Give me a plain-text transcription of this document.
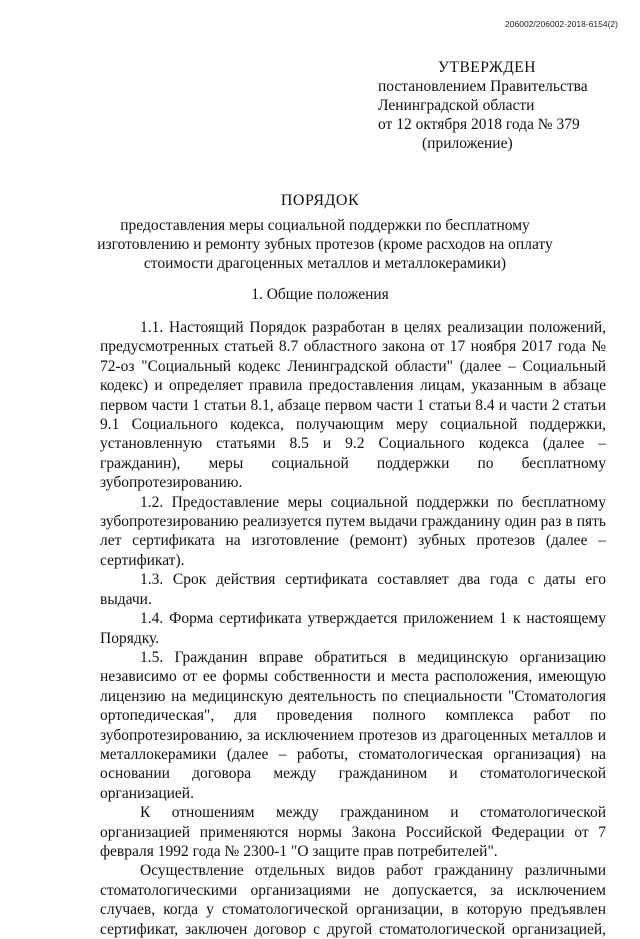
206002/206002-2018-6154(2)
УТВЕРЖДЕН
постановлением Правительства
Ленинградской области
от 12 октября 2018 года № 379
(приложение)
ПОРЯДОК
предоставления меры социальной поддержки по бесплатному изготовлению и ремонту зубных протезов (кроме расходов на оплату стоимости драгоценных металлов и металлокерамики)
1. Общие положения

1.1. Настоящий Порядок разработан в целях реализации положений, предусмотренных статьей 8.7 областного закона от 17 ноября 2017 года № 72-оз "Социальный кодекс Ленинградской области" (далее – Социальный кодекс) и определяет правила предоставления лицам, указанным в абзаце первом части 1 статьи 8.1, абзаце первом части 1 статьи 8.4 и части 2 статьи 9.1 Социального кодекса, получающим меру социальной поддержки, установленную статьями 8.5 и 9.2 Социального кодекса (далее – гражданин), меры социальной поддержки по бесплатному зубопротезированию.

1.2. Предоставление меры социальной поддержки по бесплатному зубопротезированию реализуется путем выдачи гражданину один раз в пять лет сертификата на изготовление (ремонт) зубных протезов (далее – сертификат).

1.3. Срок действия сертификата составляет два года с даты его выдачи.

1.4. Форма сертификата утверждается приложением 1 к настоящему Порядку.

1.5. Гражданин вправе обратиться в медицинскую организацию независимо от ее формы собственности и места расположения, имеющую лицензию на медицинскую деятельность по специальности "Стоматология ортопедическая", для проведения полного комплекса работ по зубопротезированию, за исключением протезов из драгоценных металлов и металлокерамики (далее – работы, стоматологическая организация) на основании договора между гражданином и стоматологической организацией.

К отношениям между гражданином и стоматологической организацией применяются нормы Закона Российской Федерации от 7 февраля 1992 года № 2300-1 "О защите прав потребителей".

Осуществление отдельных видов работ гражданину различными стоматологическими организациями не допускается, за исключением случаев, когда у стоматологической организации, в которую предъявлен сертификат, заключен договор с другой стоматологической организацией,
